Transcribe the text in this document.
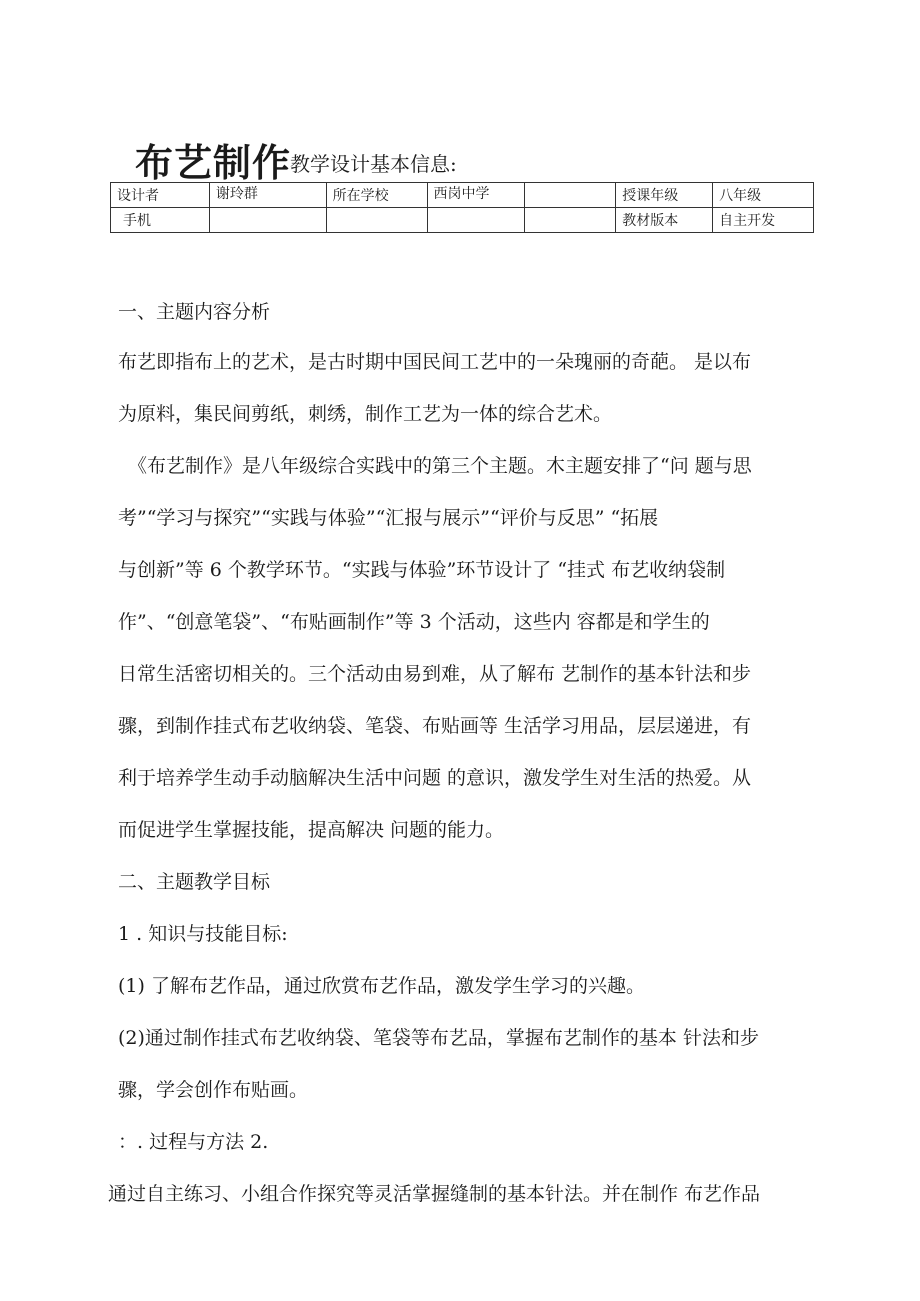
布艺制作
教学设计基本信息:
设计者	谢玲群	所在学校	西岗中学		授课年级	八年级
手机					教材版本	自主开发
一、主题内容分析
布艺即指布上的艺术，是古时期中国民间工艺中的一朵瑰丽的奇葩。 是以布
为原料，集民间剪纸，刺绣，制作工艺为一体的综合艺术。
《布艺制作》是八年级综合实践中的第三个主题。木主题安排了“问 题与思
考”“学习与探究”“实践与体验”“汇报与展示”“评价与反思” “拓展
与创新”等 6 个教学环节。“实践与体验”环节设计了 “挂式 布艺收纳袋制
作”、“创意笔袋”、“布贴画制作”等 3 个活动，这些内 容都是和学生的
日常生活密切相关的。三个活动由易到难，从了解布 艺制作的基本针法和步
骤，到制作挂式布艺收纳袋、笔袋、布贴画等 生活学习用品，层层递进，有
利于培养学生动手动脑解决生活中问题 的意识，激发学生对生活的热爱。从
而促进学生掌握技能，提高解决 问题的能力。
二、主题教学目标
1 . 知识与技能目标:
(1) 了解布艺作品，通过欣赏布艺作品，激发学生学习的兴趣。
(2)通过制作挂式布艺收纳袋、笔袋等布艺品，掌握布艺制作的基本 针法和步
骤，学会创作布贴画。
：. 过程与方法 2.
通过自主练习、小组合作探究等灵活掌握缝制的基本针法。并在制作 布艺作品
